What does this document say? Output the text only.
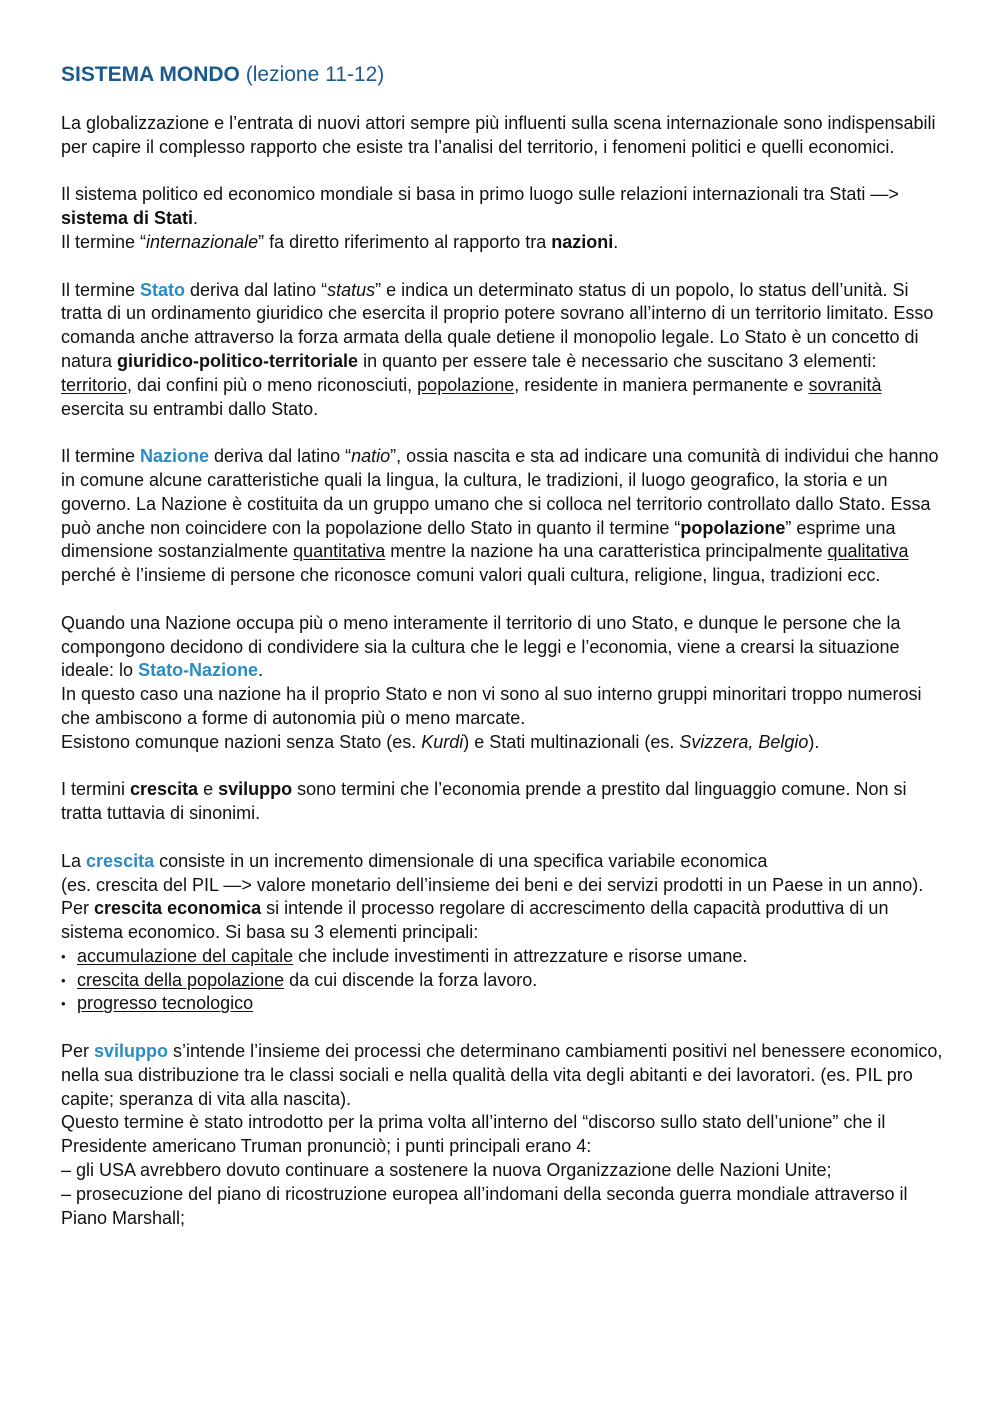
SISTEMA MONDO (lezione 11-12)

La globalizzazione e l’entrata di nuovi attori sempre più influenti sulla scena internazionale sono indispensabili per capire il complesso rapporto che esiste tra l’analisi del territorio, i fenomeni politici e quelli economici.

Il sistema politico ed economico mondiale si basa in primo luogo sulle relazioni internazionali tra Stati —> sistema di Stati.
Il termine “internazionale” fa diretto riferimento al rapporto tra nazioni.

Il termine Stato deriva dal latino “status” e indica un determinato status di un popolo, lo status dell’unità. Si tratta di un ordinamento giuridico che esercita il proprio potere sovrano all’interno di un territorio limitato. Esso comanda anche attraverso la forza armata della quale detiene il monopolio legale. Lo Stato è un concetto di natura giuridico-politico-territoriale in quanto per essere tale è necessario che suscitano 3 elementi: territorio, dai confini più o meno riconosciuti, popolazione, residente in maniera permanente e sovranità esercita su entrambi dallo Stato.

Il termine Nazione deriva dal latino “natio”, ossia nascita e sta ad indicare una comunità di individui che hanno in comune alcune caratteristiche quali la lingua, la cultura, le tradizioni, il luogo geografico, la storia e un governo. La Nazione è costituita da un gruppo umano che si colloca nel territorio controllato dallo Stato. Essa può anche non coincidere con la popolazione dello Stato in quanto il termine “popolazione” esprime una dimensione sostanzialmente quantitativa mentre la nazione ha una caratteristica principalmente qualitativa perché è l’insieme di persone che riconosce comuni valori quali cultura, religione, lingua, tradizioni ecc.

Quando una Nazione occupa più o meno interamente il territorio di uno Stato, e dunque le persone che la compongono decidono di condividere sia la cultura che le leggi e l’economia, viene a crearsi la situazione ideale: lo Stato-Nazione.
In questo caso una nazione ha il proprio Stato e non vi sono al suo interno gruppi minoritari troppo numerosi che ambiscono a forme di autonomia più o meno marcate.
Esistono comunque nazioni senza Stato (es. Kurdi) e Stati multinazionali (es. Svizzera, Belgio).

I termini crescita e sviluppo sono termini che l’economia prende a prestito dal linguaggio comune. Non si tratta tuttavia di sinonimi.

La crescita consiste in un incremento dimensionale di una specifica variabile economica
(es. crescita del PIL —> valore monetario dell’insieme dei beni e dei servizi prodotti in un Paese in un anno).
Per crescita economica si intende il processo regolare di accrescimento della capacità produttiva di un sistema economico. Si basa su 3 elementi principali:

• accumulazione del capitale che include investimenti in attrezzature e risorse umane.
• crescita della popolazione da cui discende la forza lavoro.
• progresso tecnologico

Per sviluppo s’intende l’insieme dei processi che determinano cambiamenti positivi nel benessere economico, nella sua distribuzione tra le classi sociali e nella qualità della vita degli abitanti e dei lavoratori. (es. PIL pro capite; speranza di vita alla nascita).
Questo termine è stato introdotto per la prima volta all’interno del “discorso sullo stato dell’unione” che il Presidente americano Truman pronunciò; i punti principali erano 4:
– gli USA avrebbero dovuto continuare a sostenere la nuova Organizzazione delle Nazioni Unite;
– prosecuzione del piano di ricostruzione europea all’indomani della seconda guerra mondiale attraverso il Piano Marshall;
